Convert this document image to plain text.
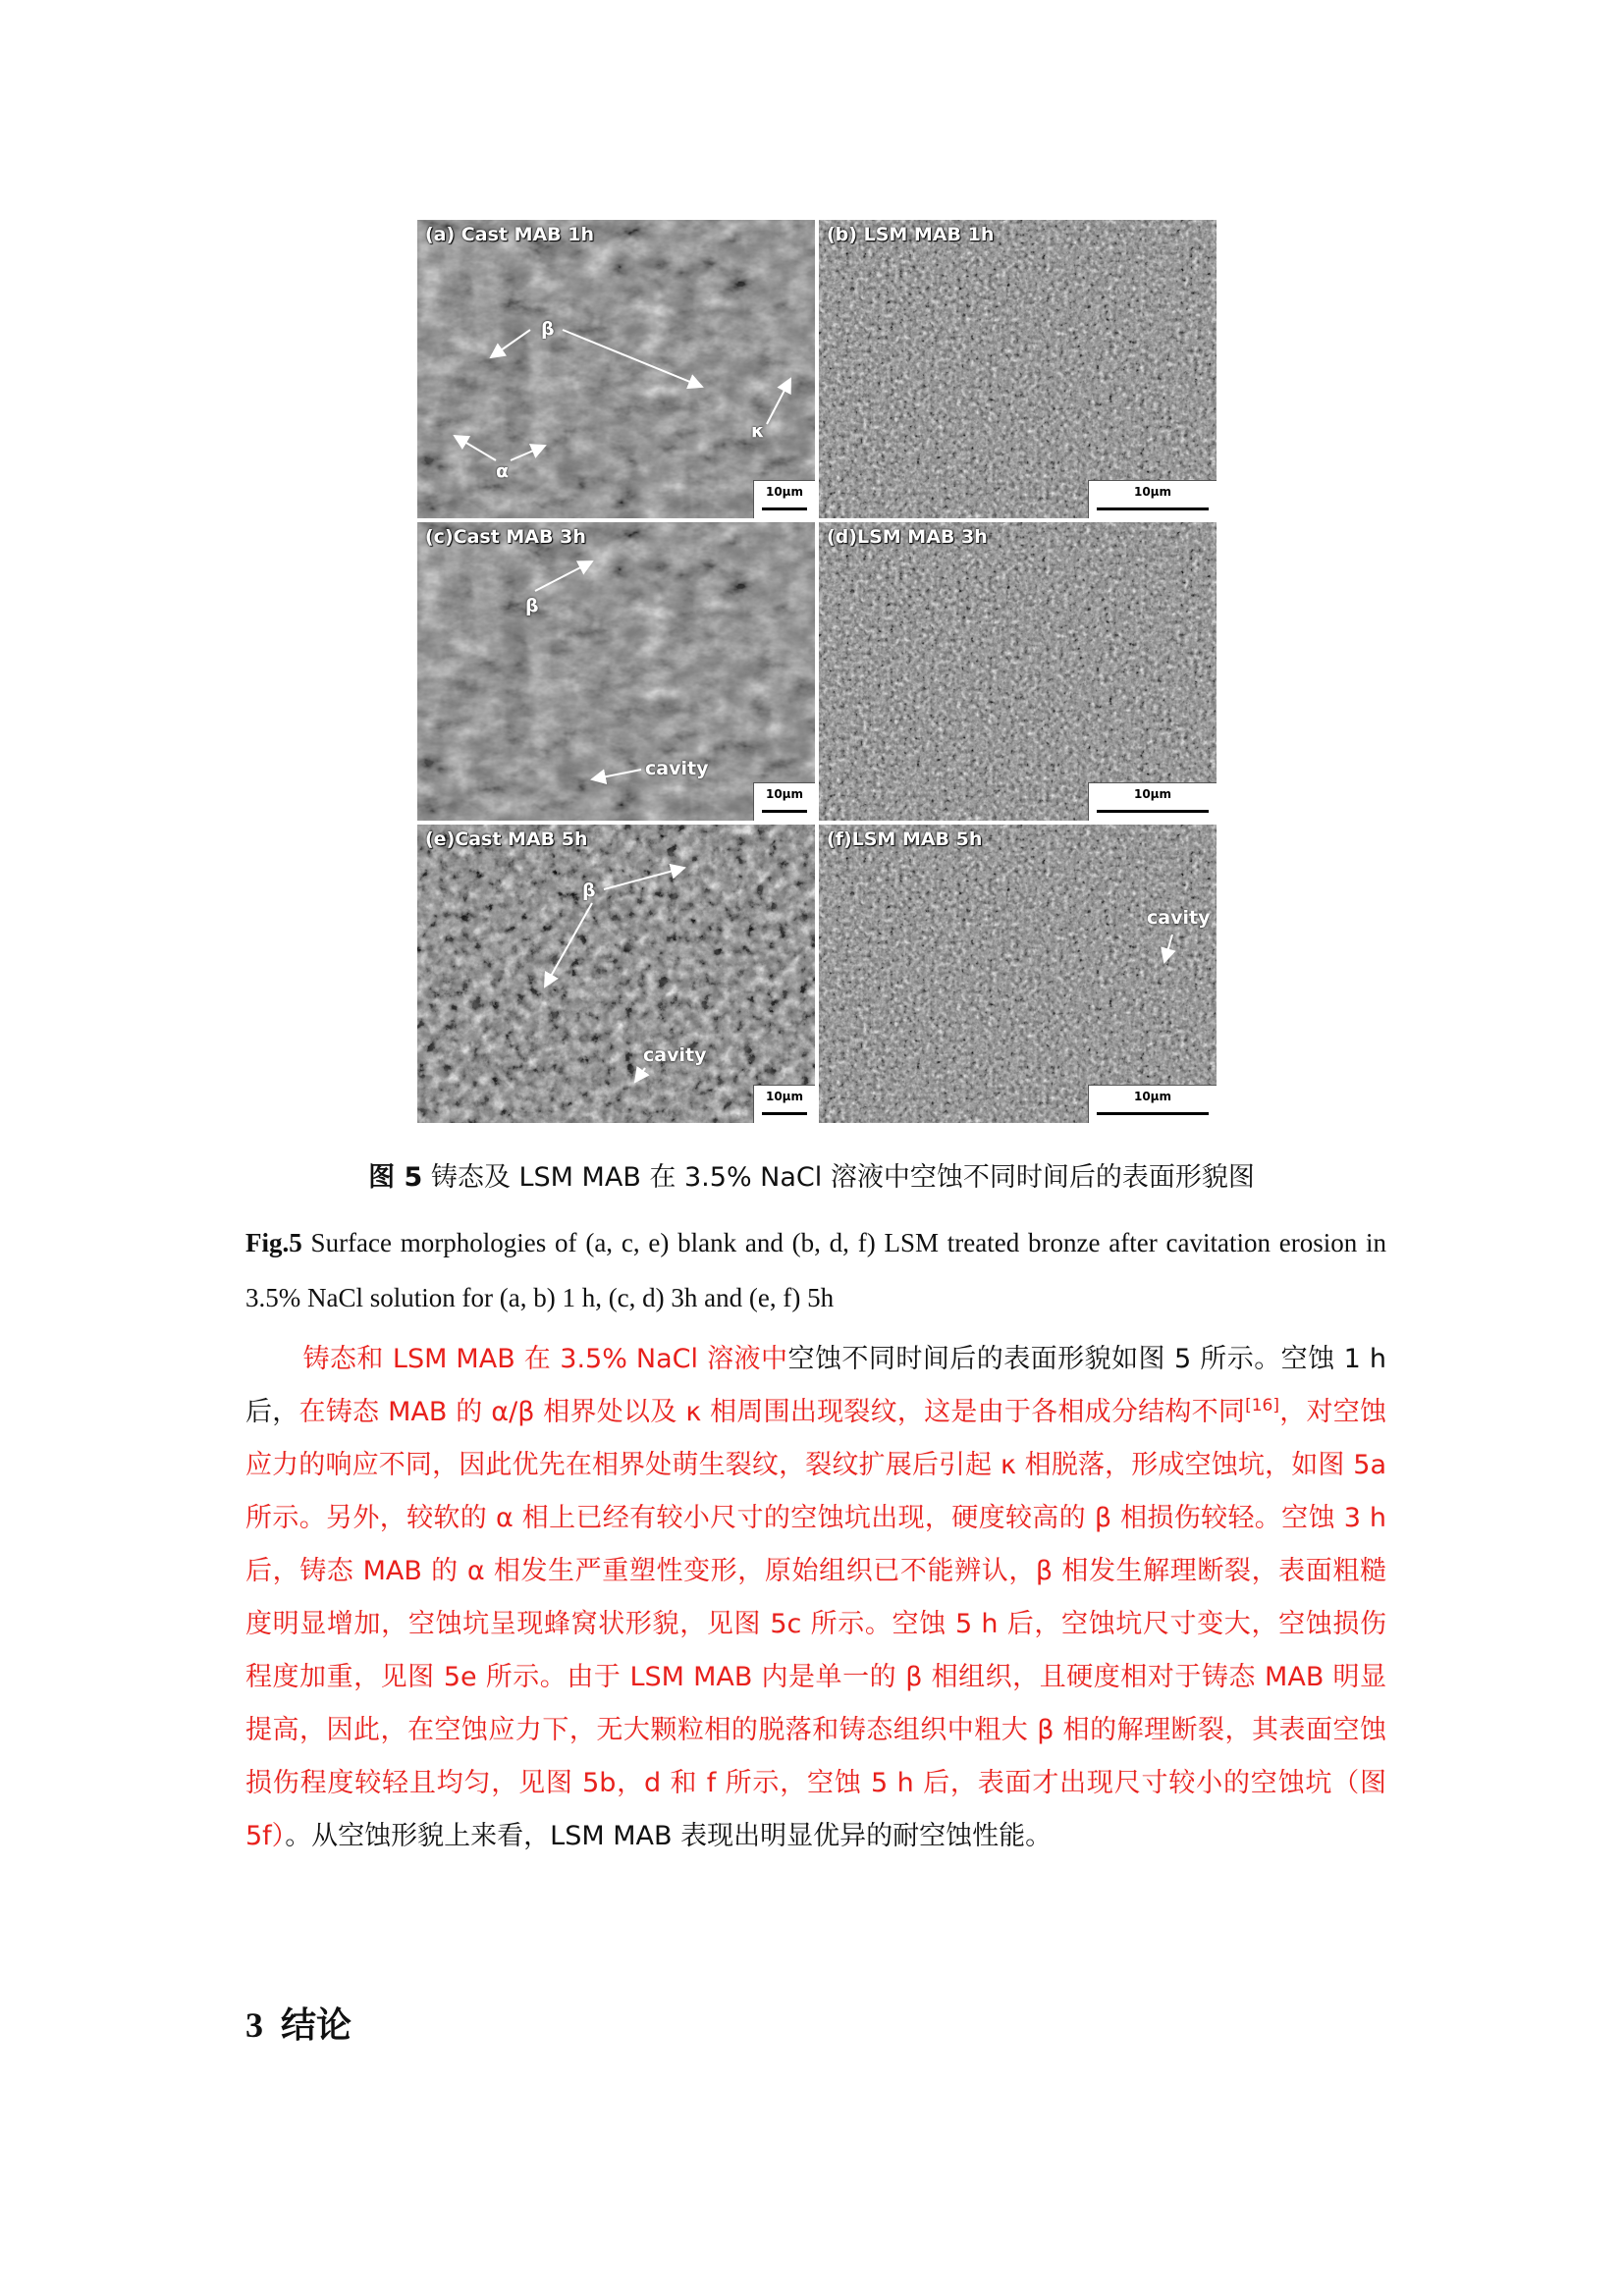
(a) Cast MAB 1h
β
κ
α
10μm
(b) LSM MAB 1h
10μm
(c)Cast MAB 3h
β
cavity
10μm
(d)LSM MAB 3h
10μm
(e)Cast MAB 5h
β
cavity
10μm
(f)LSM MAB 5h
cavity
10μm
图 5 铸态及 LSM MAB 在 3.5% NaCl 溶液中空蚀不同时间后的表面形貌图
Fig.5 Surface morphologies of (a, c, e) blank and (b, d, f) LSM treated bronze after cavitation erosion in 3.5% NaCl solution for (a, b) 1 h, (c, d) 3h and (e, f) 5h
铸态和 LSM MAB 在 3.5% NaCl 溶液中空蚀不同时间后的表面形貌如图 5 所示。空蚀 1 h 后，在铸态 MAB 的 α/β 相界处以及 κ 相周围出现裂纹，这是由于各相成分结构不同[16]，对空蚀应力的响应不同，因此优先在相界处萌生裂纹，裂纹扩展后引起 κ 相脱落，形成空蚀坑，如图 5a 所示。另外，较软的 α 相上已经有较小尺寸的空蚀坑出现，硬度较高的 β 相损伤较轻。空蚀 3 h 后，铸态 MAB 的 α 相发生严重塑性变形，原始组织已不能辨认，β 相发生解理断裂，表面粗糙度明显增加，空蚀坑呈现蜂窝状形貌，见图 5c 所示。空蚀 5 h 后，空蚀坑尺寸变大，空蚀损伤程度加重，见图 5e 所示。由于 LSM MAB 内是单一的 β 相组织，且硬度相对于铸态 MAB 明显提高，因此，在空蚀应力下，无大颗粒相的脱落和铸态组织中粗大 β 相的解理断裂，其表面空蚀损伤程度较轻且均匀，见图 5b，d 和 f 所示，空蚀 5 h 后，表面才出现尺寸较小的空蚀坑（图 5f）。从空蚀形貌上来看，LSM MAB 表现出明显优异的耐空蚀性能。
3 结论
